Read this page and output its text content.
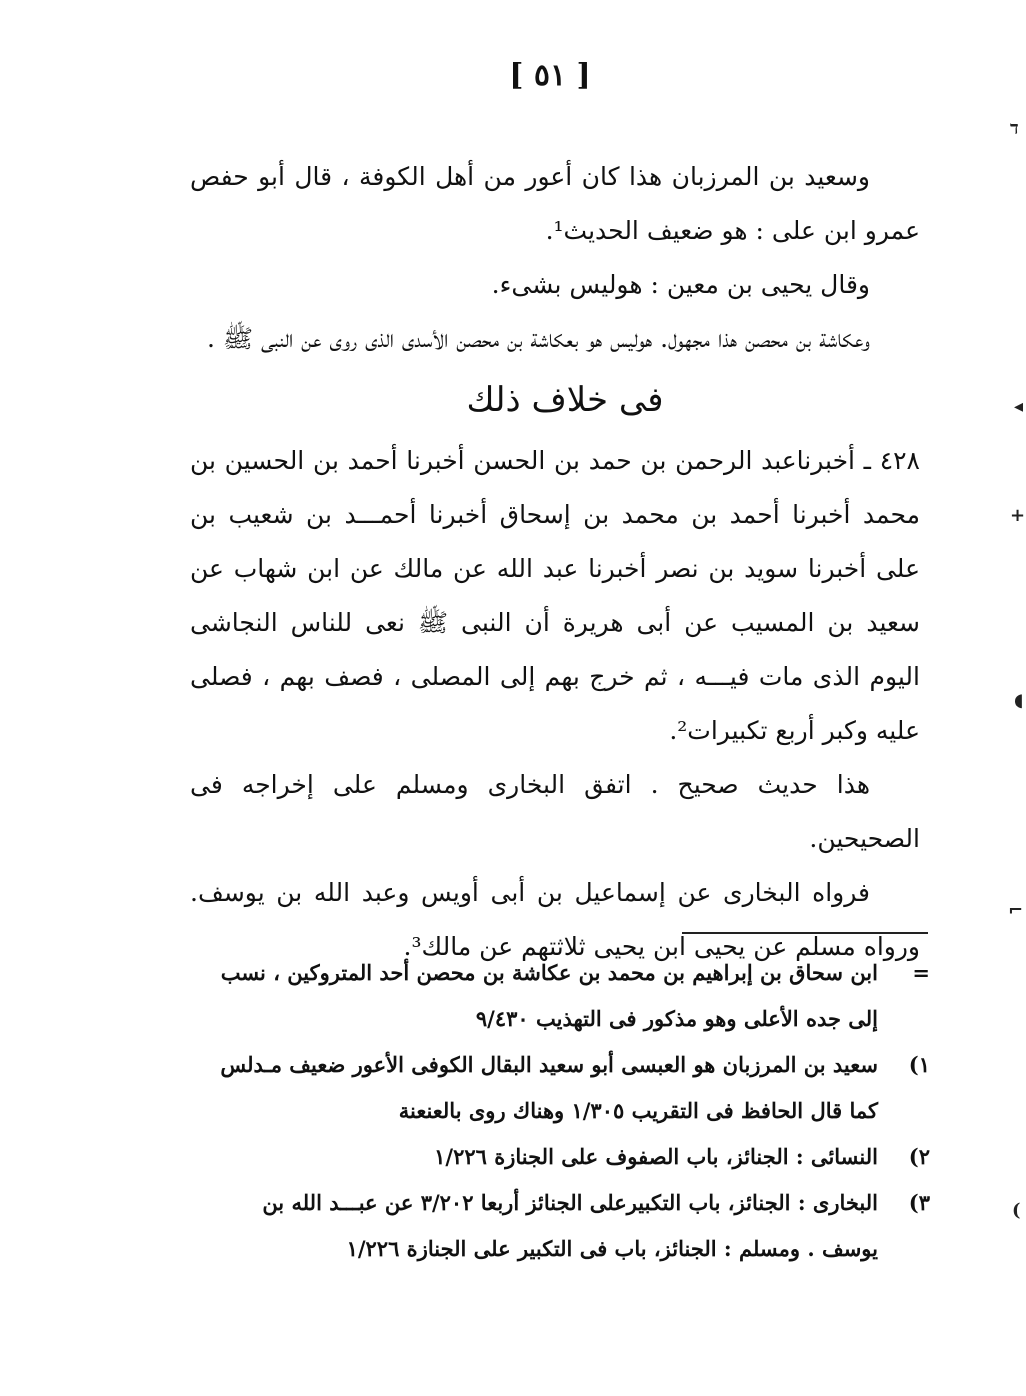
[ ٥١ ]

وسعيد بن المرزبان هذا كان أعور من أهل الكوفة ، قال أبو حفص عمرو ابن على : هو ضعيف الحديث¹.

وقال يحيى بن معين : هوليس بشىء.

وعكاشة بن محصن هذا مجهول. هوليس هو بعكاشة بن محصن الأسدى الذى روى عن النبى ﷺ .

فى خلاف ذلك

٤٢٨ ـ أخبرناعبد الرحمن بن حمد بن الحسن أخبرنا أحمد بن الحسين بن محمد أخبرنا أحمد بن محمد بن إسحاق أخبرنا أحمـــد بن شعيب بن على أخبرنا سويد بن نصر أخبرنا عبد الله عن مالك عن ابن شهاب عن سعيد بن المسيب عن أبى هريرة أن النبى ﷺ نعى للناس النجاشى اليوم الذى مات فيـــه ، ثم خرج بهم إلى المصلى ، فصف بهم ، فصلى عليه وكبر أربع تكبيرات².

هذا حديث صحيح . اتفق البخارى ومسلم على إخراجه فى الصحيحين.

فرواه البخارى عن إسماعيل بن أبى أويس وعبد الله بن يوسف. ورواه مسلم عن يحيى ابن يحيى ثلاثتهم عن مالك³.

=
ابن سحاق بن إبراهيم بن محمد بن عكاشة بن محصن أحد المتروكين ، نسب إلى جده الأعلى وهو مذكور فى التهذيب ٩/٤٣٠
١)
سعيد بن المرزبان هو العبسى أبو سعيد البقال الكوفى الأعور ضعيف مـدلس كما قال الحافظ فى التقريب ١/٣٠٥ وهناك روى بالعنعنة
٢)
النسائى : الجنائز، باب الصفوف على الجنازة ١/٢٢٦
٣)
البخارى : الجنائز، باب التكبيرعلى الجنائز أربعا ٣/٢٠٢ عن عبـــد الله بن يوسف . ومسلم : الجنائز، باب فى التكبير على الجنازة ١/٢٢٦
ד
◂
+
◖
⌐
(
